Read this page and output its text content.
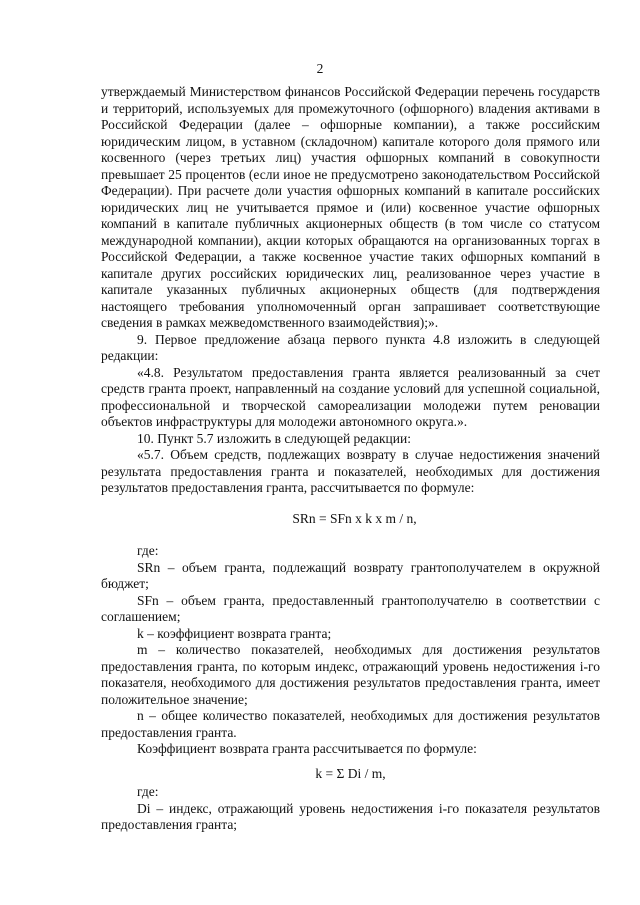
2

утверждаемый Министерством финансов Российской Федерации перечень государств и территорий, используемых для промежуточного (офшорного) владения активами в Российской Федерации (далее – офшорные компании), а также российским юридическим лицом, в уставном (складочном) капитале которого доля прямого или косвенного (через третьих лиц) участия офшорных компаний в совокупности превышает 25 процентов (если иное не предусмотрено законодательством Российской Федерации). При расчете доли участия офшорных компаний в капитале российских юридических лиц не учитывается прямое и (или) косвенное участие офшорных компаний в капитале публичных акционерных обществ (в том числе со статусом международной компании), акции которых обращаются на организованных торгах в Российской Федерации, а также косвенное участие таких офшорных компаний в капитале других российских юридических лиц, реализованное через участие в капитале указанных публичных акционерных обществ (для подтверждения настоящего требования уполномоченный орган запрашивает соответствующие сведения в рамках межведомственного взаимодействия);».

9. Первое предложение абзаца первого пункта 4.8 изложить в следующей редакции:

«4.8. Результатом предоставления гранта является реализованный за счет средств гранта проект, направленный на создание условий для успешной социальной, профессиональной и творческой самореализации молодежи путем реновации объектов инфраструктуры для молодежи автономного округа.».

10. Пункт 5.7 изложить в следующей редакции:

«5.7. Объем средств, подлежащих возврату в случае недостижения значений результата предоставления гранта и показателей, необходимых для достижения результатов предоставления гранта, рассчитывается по формуле:

SRn = SFn x k x m / n,

где:

SRn – объем гранта, подлежащий возврату грантополучателем в окружной бюджет;

SFn – объем гранта, предоставленный грантополучателю в соответствии с соглашением;

k – коэффициент возврата гранта;

m – количество показателей, необходимых для достижения результатов предоставления гранта, по которым индекс, отражающий уровень недостижения i-го показателя, необходимого для достижения результатов предоставления гранта, имеет положительное значение;

n – общее количество показателей, необходимых для достижения результатов предоставления гранта.

Коэффициент возврата гранта рассчитывается по формуле:

k = Σ Di / m,

где:

Di – индекс, отражающий уровень недостижения i-го показателя результатов предоставления гранта;
